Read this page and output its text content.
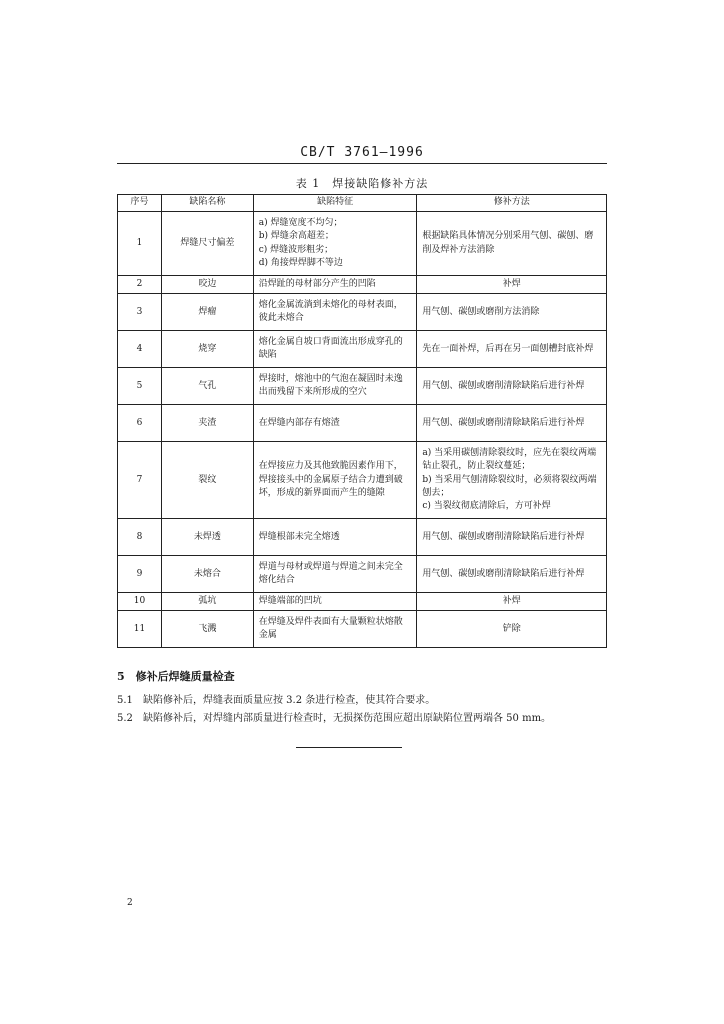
CB/T 3761—1996
表 1　焊接缺陷修补方法
序号	缺陷名称	缺陷特征	修补方法
1	焊缝尺寸偏差	a) 焊缝宽度不均匀；
b) 焊缝余高超差；
c) 焊缝波形粗劣；
d) 角接焊焊脚不等边	根据缺陷具体情况分别采用气刨、碳刨、磨削及焊补方法消除
2	咬边	沿焊趾的母材部分产生的凹陷	补焊
3	焊瘤	熔化金属流淌到未熔化的母材表面，彼此未熔合	用气刨、碳刨或磨削方法消除
4	烧穿	熔化金属自坡口背面流出形成穿孔的缺陷	先在一面补焊，后再在另一面刨槽封底补焊
5	气孔	焊接时，熔池中的气泡在凝固时未逸出而残留下来所形成的空穴	用气刨、碳刨或磨削清除缺陷后进行补焊
6	夹渣	在焊缝内部存有熔渣	用气刨、碳刨或磨削清除缺陷后进行补焊
7	裂纹	在焊接应力及其他致脆因素作用下，焊接接头中的金属原子结合力遭到破坏，形成的新界面而产生的缝隙	a) 当采用碳刨清除裂纹时，应先在裂纹两端钻止裂孔，防止裂纹蔓延；
b) 当采用气刨清除裂纹时，必须将裂纹两端刨去；
c) 当裂纹彻底清除后，方可补焊

8	未焊透	焊缝根部未完全熔透	用气刨、碳刨或磨削清除缺陷后进行补焊
9	未熔合	焊道与母材或焊道与焊道之间未完全熔化结合	用气刨、碳刨或磨削清除缺陷后进行补焊
10	弧坑	焊缝端部的凹坑	补焊
11	飞溅	在焊缝及焊件表面有大量颗粒状熔散金属	铲除
5　修补后焊缝质量检查
5.1 缺陷修补后，焊缝表面质量应按 3.2 条进行检查，使其符合要求。
5.2 缺陷修补后，对焊缝内部质量进行检查时，无损探伤范围应超出原缺陷位置两端各 50 mm。
2
